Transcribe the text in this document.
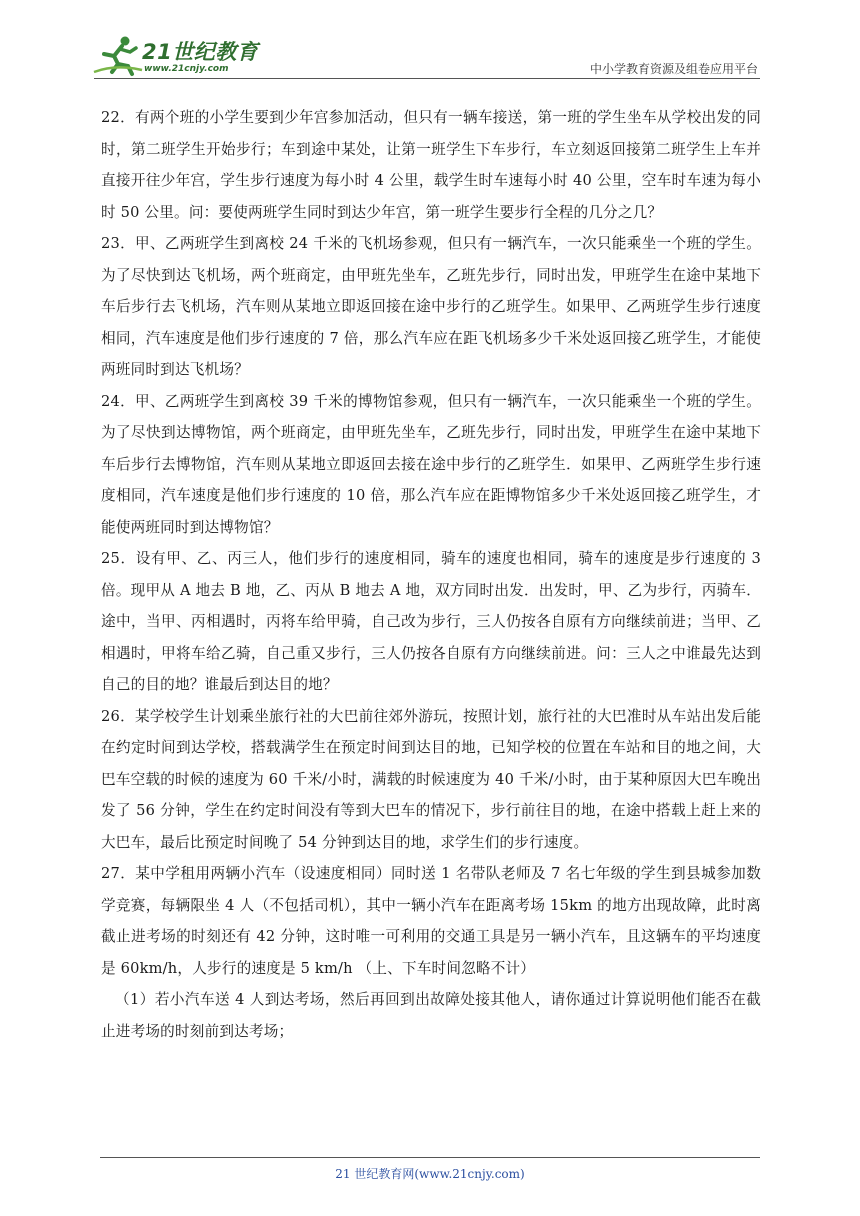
21世纪教育
www.21cnjy.com	中小学教育资源及组卷应用平台

22．有两个班的小学生要到少年宫参加活动，但只有一辆车接送，第一班的学生坐车从学校出发的同时，第二班学生开始步行；车到途中某处，让第一班学生下车步行，车立刻返回接第二班学生上车并直接开往少年宫，学生步行速度为每小时 4 公里，载学生时车速每小时 40 公里，空车时车速为每小时 50 公里。问：要使两班学生同时到达少年宫，第一班学生要步行全程的几分之几？

23．甲、乙两班学生到离校 24 千米的飞机场参观，但只有一辆汽车，一次只能乘坐一个班的学生。为了尽快到达飞机场，两个班商定，由甲班先坐车，乙班先步行，同时出发，甲班学生在途中某地下车后步行去飞机场，汽车则从某地立即返回接在途中步行的乙班学生。如果甲、乙两班学生步行速度相同，汽车速度是他们步行速度的 7 倍，那么汽车应在距飞机场多少千米处返回接乙班学生，才能使两班同时到达飞机场？

24．甲、乙两班学生到离校 39 千米的博物馆参观，但只有一辆汽车，一次只能乘坐一个班的学生。为了尽快到达博物馆，两个班商定，由甲班先坐车，乙班先步行，同时出发，甲班学生在途中某地下车后步行去博物馆，汽车则从某地立即返回去接在途中步行的乙班学生．如果甲、乙两班学生步行速度相同，汽车速度是他们步行速度的 10 倍，那么汽车应在距博物馆多少千米处返回接乙班学生，才能使两班同时到达博物馆？

25．设有甲、乙、丙三人，他们步行的速度相同，骑车的速度也相同，骑车的速度是步行速度的 3 倍。现甲从 A 地去 B 地，乙、丙从 B 地去 A 地，双方同时出发．出发时，甲、乙为步行，丙骑车．途中，当甲、丙相遇时，丙将车给甲骑，自己改为步行，三人仍按各自原有方向继续前进；当甲、乙相遇时，甲将车给乙骑，自己重又步行，三人仍按各自原有方向继续前进。问：三人之中谁最先达到自己的目的地？谁最后到达目的地？

26．某学校学生计划乘坐旅行社的大巴前往郊外游玩，按照计划，旅行社的大巴准时从车站出发后能在约定时间到达学校，搭载满学生在预定时间到达目的地，已知学校的位置在车站和目的地之间，大巴车空载的时候的速度为 60 千米/小时，满载的时候速度为 40 千米/小时，由于某种原因大巴车晚出发了 56 分钟，学生在约定时间没有等到大巴车的情况下，步行前往目的地，在途中搭载上赶上来的大巴车，最后比预定时间晚了 54 分钟到达目的地，求学生们的步行速度。

27．某中学租用两辆小汽车（设速度相同）同时送 1 名带队老师及 7 名七年级的学生到县城参加数学竞赛，每辆限坐 4 人（不包括司机），其中一辆小汽车在距离考场 15km 的地方出现故障，此时离截止进考场的时刻还有 42 分钟，这时唯一可利用的交通工具是另一辆小汽车，且这辆车的平均速度是 60km/h，人步行的速度是 5 km/h （上、下车时间忽略不计）

（1）若小汽车送 4 人到达考场，然后再回到出故障处接其他人，请你通过计算说明他们能否在截止进考场的时刻前到达考场；

21 世纪教育网(www.21cnjy.com)
